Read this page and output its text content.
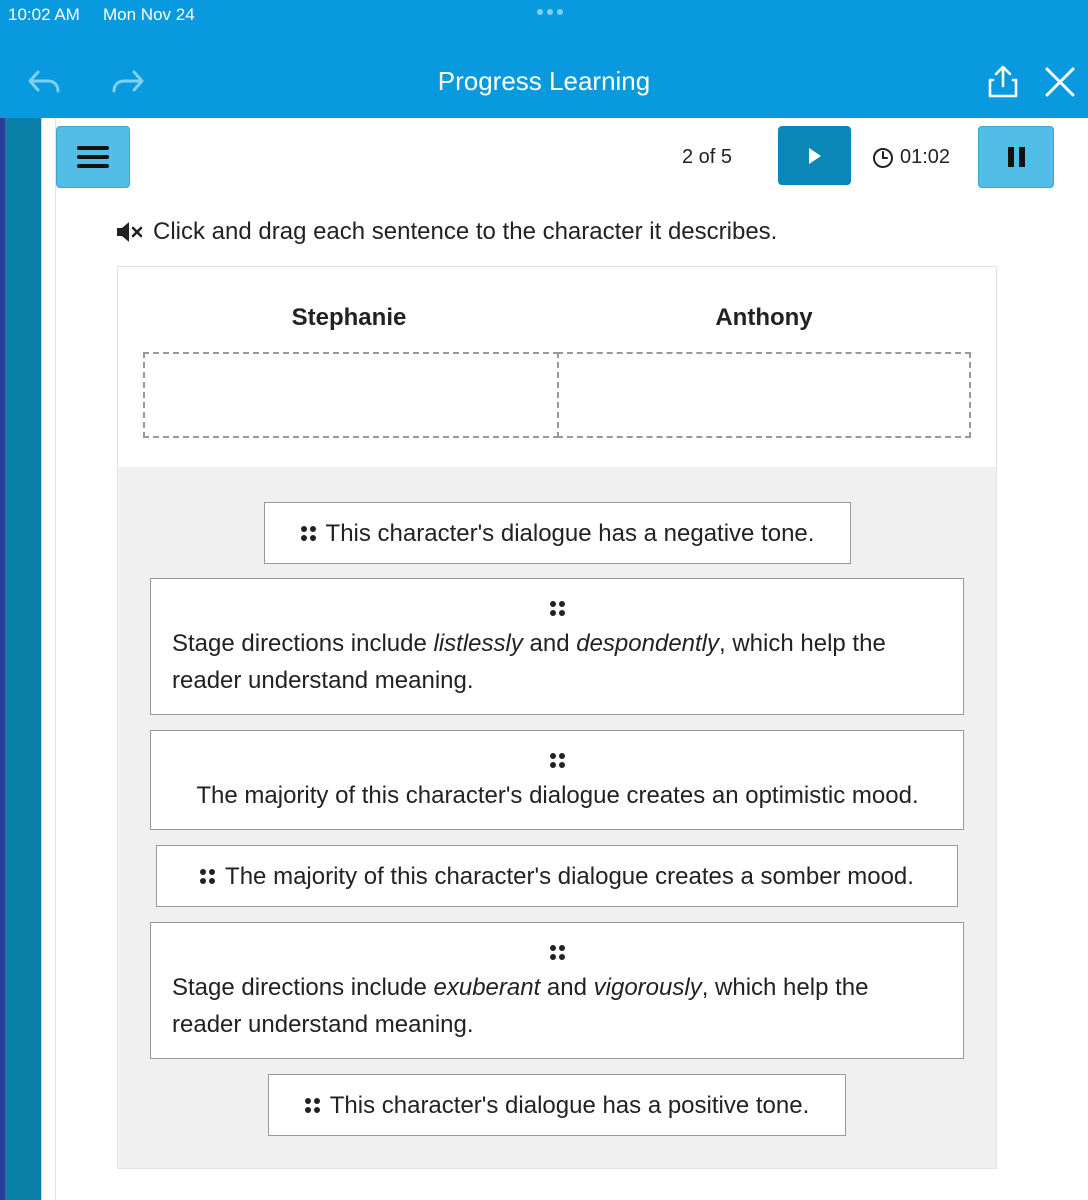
10:02 AM Mon Nov 24
Progress Learning
2 of 5	01:02
Click and drag each sentence to the character it describes.
Stephanie	Anthony
This character's dialogue has a negative tone.
Stage directions include listlessly and despondently, which help the reader understand meaning.
The majority of this character's dialogue creates an optimistic mood.
The majority of this character's dialogue creates a somber mood.
Stage directions include exuberant and vigorously, which help the reader understand meaning.
This character's dialogue has a positive tone.
